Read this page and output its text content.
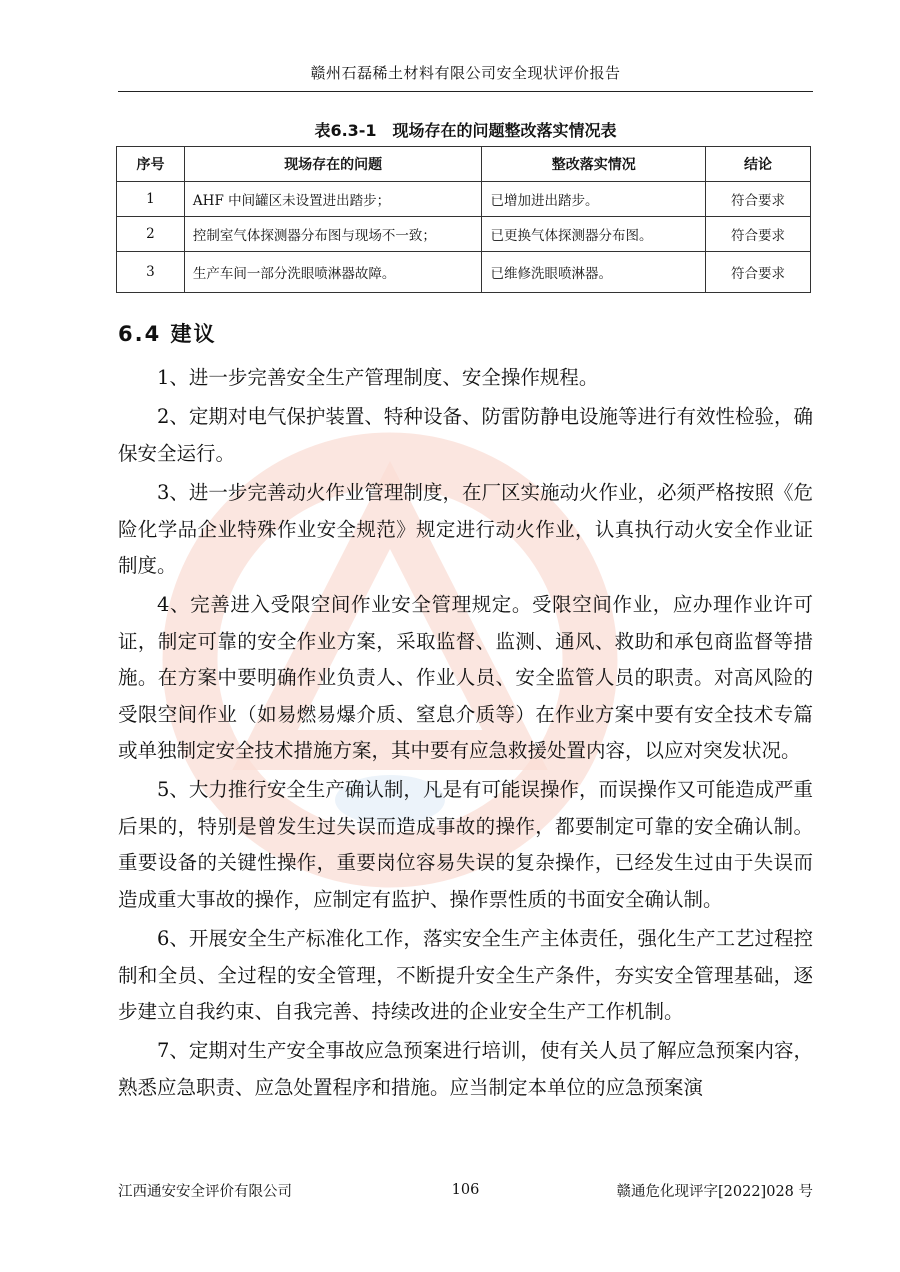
赣州石磊稀土材料有限公司安全现状评价报告
表6.3-1　现场存在的问题整改落实情况表
序号	现场存在的问题	整改落实情况	结论
1	AHF 中间罐区未设置进出踏步；	已增加进出踏步。	符合要求
2	控制室气体探测器分布图与现场不一致；	已更换气体探测器分布图。	符合要求
3	生产车间一部分洗眼喷淋器故障。	已维修洗眼喷淋器。	符合要求
6.4 建议

1、进一步完善安全生产管理制度、安全操作规程。

2、定期对电气保护装置、特种设备、防雷防静电设施等进行有效性检验，确保安全运行。

3、进一步完善动火作业管理制度，在厂区实施动火作业，必须严格按照《危险化学品企业特殊作业安全规范》规定进行动火作业，认真执行动火安全作业证制度。

4、完善进入受限空间作业安全管理规定。受限空间作业，应办理作业许可证，制定可靠的安全作业方案，采取监督、监测、通风、救助和承包商监督等措施。在方案中要明确作业负责人、作业人员、安全监管人员的职责。对高风险的受限空间作业（如易燃易爆介质、窒息介质等）在作业方案中要有安全技术专篇或单独制定安全技术措施方案，其中要有应急救援处置内容，以应对突发状况。

5、大力推行安全生产确认制，凡是有可能误操作，而误操作又可能造成严重后果的，特别是曾发生过失误而造成事故的操作，都要制定可靠的安全确认制。重要设备的关键性操作，重要岗位容易失误的复杂操作，已经发生过由于失误而造成重大事故的操作，应制定有监护、操作票性质的书面安全确认制。

6、开展安全生产标准化工作，落实安全生产主体责任，强化生产工艺过程控制和全员、全过程的安全管理，不断提升安全生产条件，夯实安全管理基础，逐步建立自我约束、自我完善、持续改进的企业安全生产工作机制。

7、定期对生产安全事故应急预案进行培训，使有关人员了解应急预案内容，熟悉应急职责、应急处置程序和措施。应当制定本单位的应急预案演

江西通安安全评价有限公司	106	赣通危化现评字[2022]028 号
